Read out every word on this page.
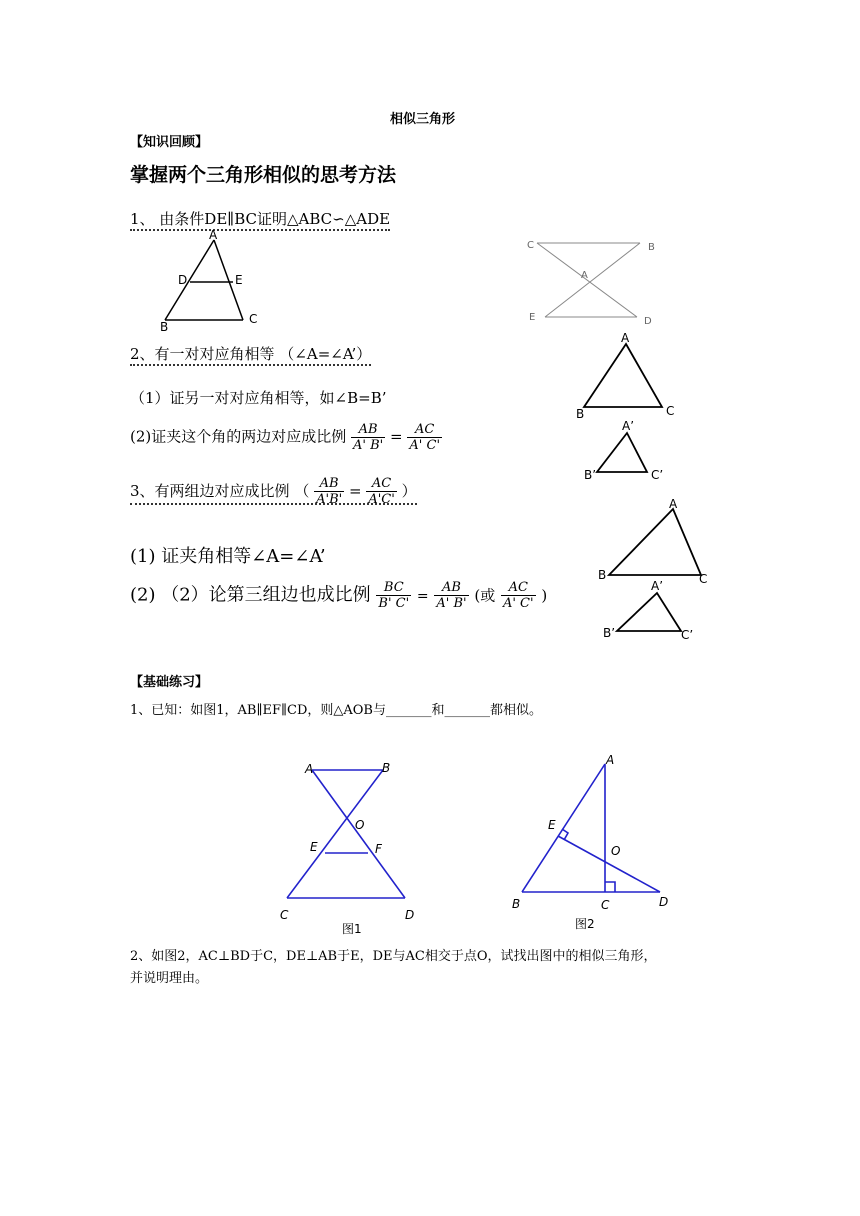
相似三角形
【知识回顾】
掌握两个三角形相似的思考方法
1、 由条件DE∥BC证明△ABC∽△ADE
A
D	E
B
C
C	B
A
E	D
2、有一对对应角相等 （∠A=∠A’）
（1）证另一对对应角相等，如∠B=B’
(2)证夹这个角的两边对应成比例 $\frac{AB}{A' B'} = \frac{AC}{A' C'}$
A
B	C
A’
B’	C’
3、有两组边对应成比例 （ $\frac{AB}{A'B'} = \frac{AC}{A'C'}$ ）
(1) 证夹角相等∠A=∠A’
(2) （2）论第三组边也成比例 $\frac{BC}{B' C'} = \frac{AB}{A' B'}$ (或 $\frac{AC}{A' C'}$ )
A
B	C
A’
B’	C’
【基础练习】
1、已知：如图1，AB∥EF∥CD，则△AOB与_______和_______都相似。
A	B
O
E	F
C	D
图1
A
E
O
B	C	D
图2
2、如图2，AC⊥BD于C，DE⊥AB于E，DE与AC相交于点O，试找出图中的相似三角形，
并说明理由。
